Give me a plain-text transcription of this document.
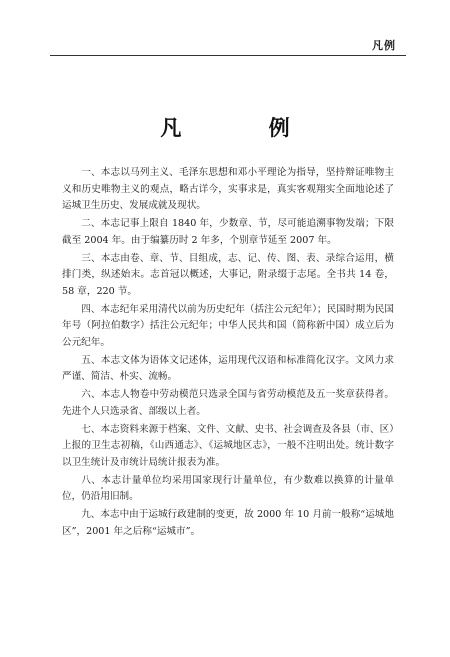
凡例
凡 例

一、本志以马列主义、毛泽东思想和邓小平理论为指导，坚持辩证唯物主义和历史唯物主义的观点，略古详今，实事求是，真实客观翔实全面地论述了运城卫生历史、发展成就及现状。

二、本志记事上限自 1840 年，少数章、节，尽可能追溯事物发端；下限截至 2004 年。由于编纂历时 2 年多，个别章节延至 2007 年。

三、本志由卷、章、节、目组成，志、记、传、图、表、录综合运用，横排门类，纵述始末。志首冠以概述，大事记，附录缀于志尾。全书共 14 卷，58 章，220 节。

四、本志纪年采用清代以前为历史纪年（括注公元纪年）；民国时期为民国年号（阿拉伯数字）括注公元纪年；中华人民共和国（简称新中国）成立后为公元纪年。

五、本志文体为语体文记述体，运用现代汉语和标准简化汉字。文风力求严谨、简洁、朴实、流畅。

六、本志人物卷中劳动模范只选录全国与省劳动模范及五一奖章获得者。先进个人只选录省、部级以上者。

七、本志资料来源于档案、文件、文献、史书、社会调查及各县（市、区）上报的卫生志初稿，《山西通志》、《运城地区志》，一般不注明出处。统计数字以卫生统计及市统计局统计报表为准。

八、本志计量单位均采用国家现行计量单位，有少数难以换算的计量单位，仍沿用旧制。

九、本志中由于运城行政建制的变更，故 2000 年 10 月前一般称“运城地区”，2001 年之后称“运城市”。
